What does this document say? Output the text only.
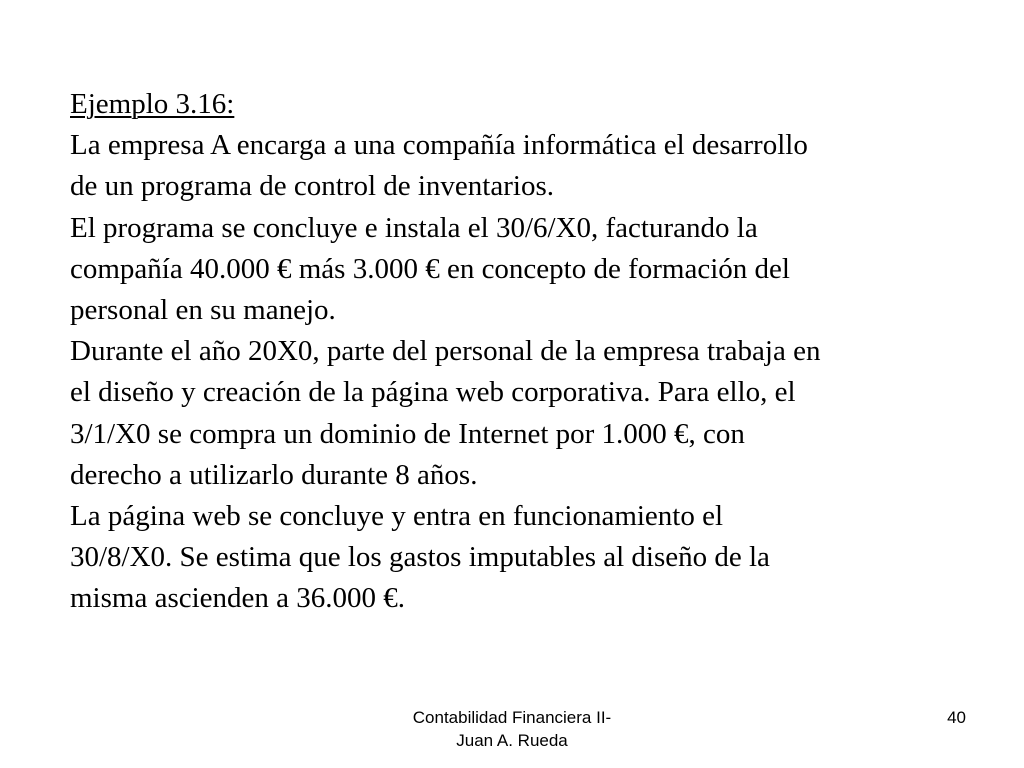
Ejemplo 3.16:
La empresa A encarga a una compañía informática el desarrollo
de un programa de control de inventarios.
El programa se concluye e instala el 30/6/X0, facturando la
compañía 40.000 € más 3.000 € en concepto de formación del
personal en su manejo.
Durante el año 20X0, parte del personal de la empresa trabaja en
el diseño y creación de la página web corporativa. Para ello, el
3/1/X0 se compra un dominio de Internet por 1.000 €, con
derecho a utilizarlo durante 8 años.
La página web se concluye y entra en funcionamiento el
30/8/X0. Se estima que los gastos imputables al diseño de la
misma ascienden a 36.000 €.
Contabilidad Financiera II-
Juan A. Rueda
40
